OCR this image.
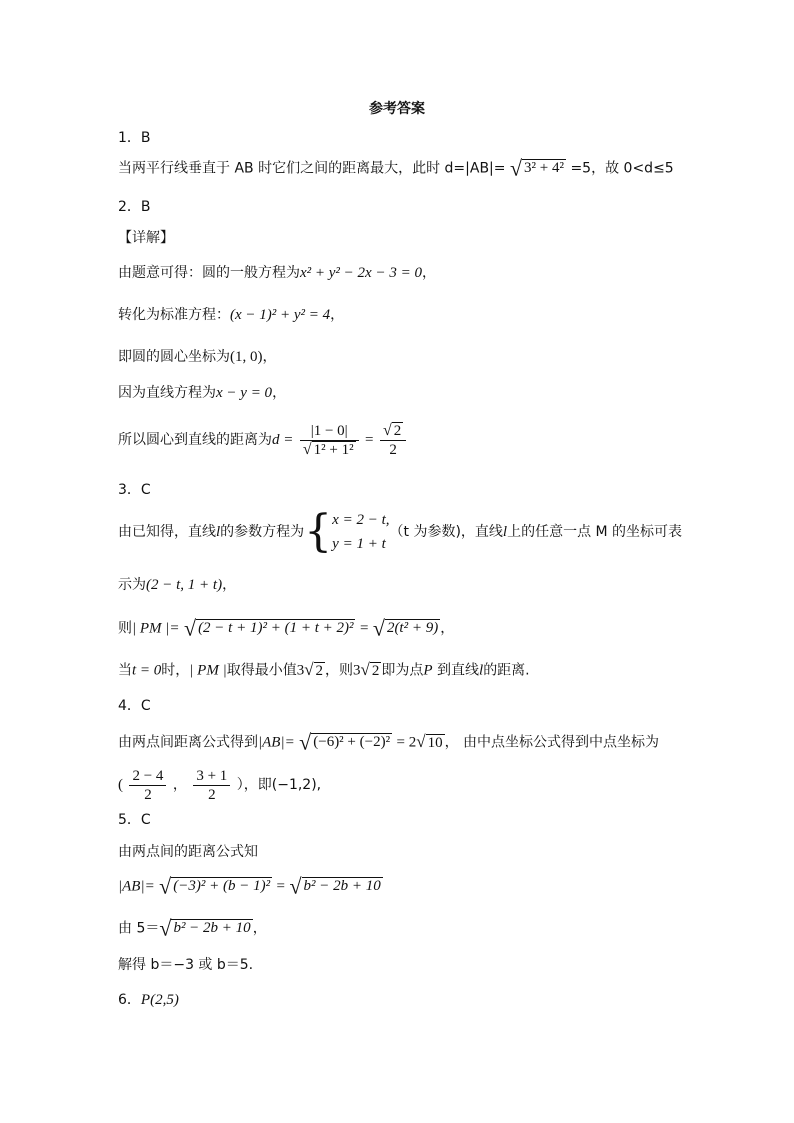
参考答案
1．B
当两平行线垂直于 AB 时它们之间的距离最大，此时 d=|AB|= √ 3² + 4² =5，故 0<d≤5
2．B
【详解】
由题意可得：圆的一般方程为x² + y² − 2x − 3 = 0，
转化为标准方程：(x − 1)² + y² = 4，
即圆的圆心坐标为(1, 0)，
因为直线方程为x − y = 0，
所以圆心到直线的距离为$d = \frac{|1 - 0|}{\text{√ 1² + 1²}} = \frac{√ 2}{2}$
3．C
由已知得，直线l的参数方程为{ x = 2 − t,
y = 1 + t
（t 为参数)，直线l上的任意一点 M 的坐标可表
示为(2 − t, 1 + t)，
则| PM |= √ (2 − t + 1)² + (1 + t + 2)² = √ 2(t² + 9) ，
当t = 0时，| PM |取得最小值3√ 2 ，则3√ 2 即为点P 到直线l的距离.
4．C
由两点间距离公式得到|AB|= √ (−6)² + (−2)² = 2√ 10 ， 由中点坐标公式得到中点坐标为
( $\frac{2 - 4}{2}$ ， $\frac{3 + 1}{2}$ ），即(−1,2),
5．C
由两点间的距离公式知
|AB|= √ (−3)² + (b − 1)² = √ b² − 2b + 10
由 5＝√ b² − 2b + 10 ，
解得 b＝−3 或 b＝5.
6．P(2,5)
